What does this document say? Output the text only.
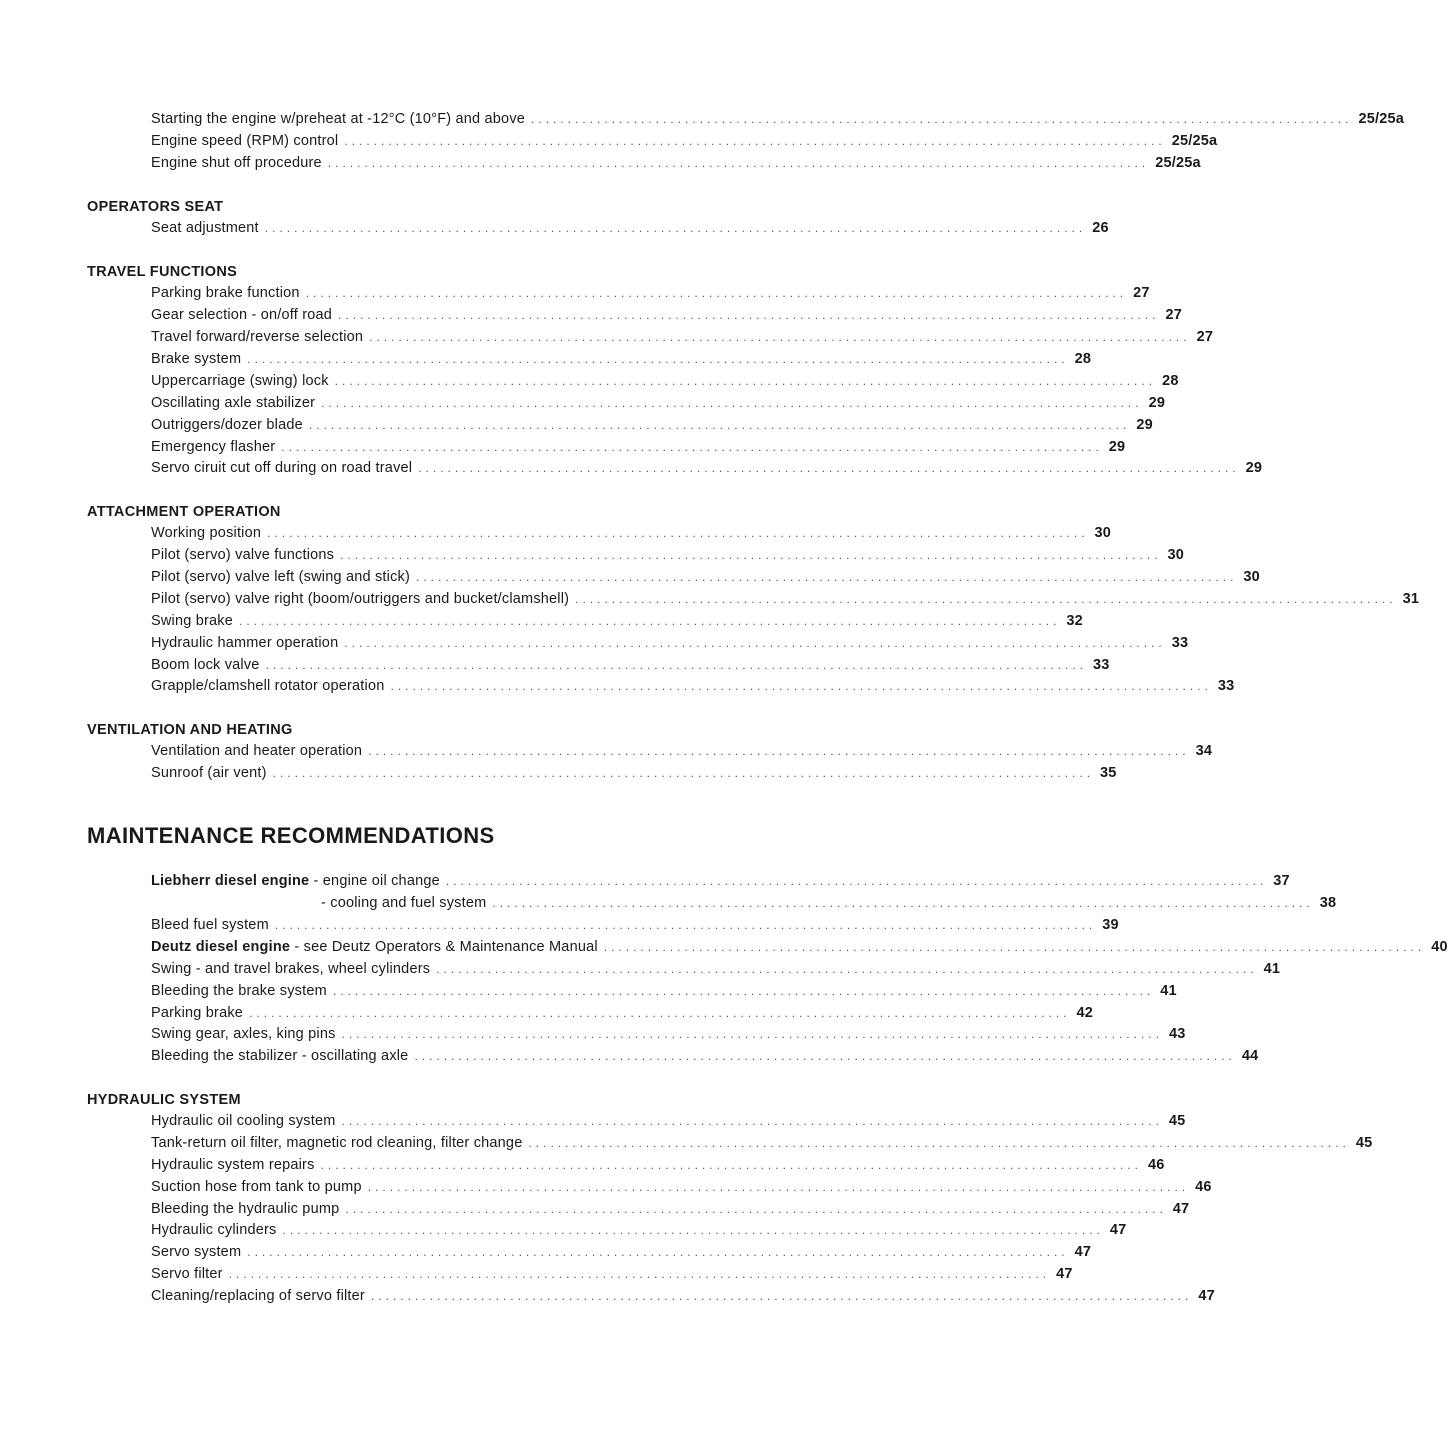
Starting the engine w/preheat at -12°C (10°F) and above ................................................................................................................ 25/25a
Engine speed (RPM) control ................................................................................................................ 25/25a
Engine shut off procedure ................................................................................................................ 25/25a
OPERATORS SEAT
Seat adjustment ................................................................................................................ 26
TRAVEL FUNCTIONS
Parking brake function ................................................................................................................ 27
Gear selection - on/off road ................................................................................................................ 27
Travel forward/reverse selection ................................................................................................................ 27
Brake system ................................................................................................................ 28
Uppercarriage (swing) lock ................................................................................................................ 28
Oscillating axle stabilizer ................................................................................................................ 29
Outriggers/dozer blade ................................................................................................................ 29
Emergency flasher ................................................................................................................ 29
Servo ciruit cut off during on road travel ................................................................................................................ 29
ATTACHMENT OPERATION
Working position ................................................................................................................ 30
Pilot (servo) valve functions ................................................................................................................ 30
Pilot (servo) valve left (swing and stick) ................................................................................................................ 30
Pilot (servo) valve right (boom/outriggers and bucket/clamshell) ................................................................................................................ 31
Swing brake ................................................................................................................ 32
Hydraulic hammer operation ................................................................................................................ 33
Boom lock valve ................................................................................................................ 33
Grapple/clamshell rotator operation ................................................................................................................ 33
VENTILATION AND HEATING
Ventilation and heater operation ................................................................................................................ 34
Sunroof (air vent) ................................................................................................................ 35
MAINTENANCE RECOMMENDATIONS
Liebherr diesel engine - engine oil change ................................................................................................................ 37
- cooling and fuel system ................................................................................................................ 38
Bleed fuel system ................................................................................................................ 39
Deutz diesel engine - see Deutz Operators & Maintenance Manual ................................................................................................................ 40
Swing - and travel brakes, wheel cylinders ................................................................................................................ 41
Bleeding the brake system ................................................................................................................ 41
Parking brake ................................................................................................................ 42
Swing gear, axles, king pins ................................................................................................................ 43
Bleeding the stabilizer - oscillating axle ................................................................................................................ 44
HYDRAULIC SYSTEM
Hydraulic oil cooling system ................................................................................................................ 45
Tank-return oil filter, magnetic rod cleaning, filter change ................................................................................................................ 45
Hydraulic system repairs ................................................................................................................ 46
Suction hose from tank to pump ................................................................................................................ 46
Bleeding the hydraulic pump ................................................................................................................ 47
Hydraulic cylinders ................................................................................................................ 47
Servo system ................................................................................................................ 47
Servo filter ................................................................................................................ 47
Cleaning/replacing of servo filter ................................................................................................................ 47
